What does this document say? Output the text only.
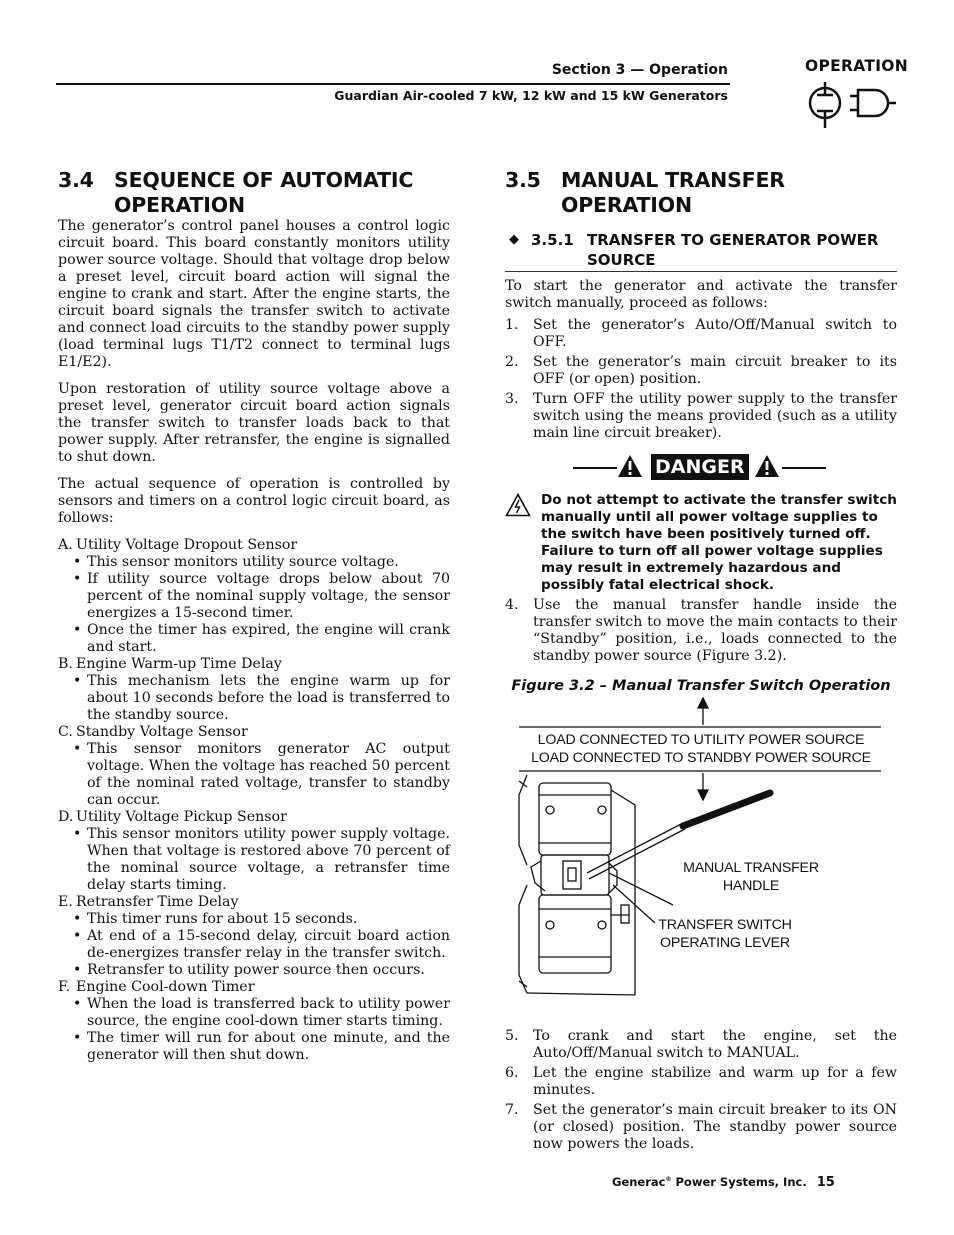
Section 3 — Operation
Guardian Air-cooled 7 kW, 12 kW and 15 kW Generators
OPERATION
3.4 SEQUENCE OF AUTOMATIC OPERATION

The generator’s control panel houses a control logic circuit board. This board constantly monitors utility power source voltage. Should that voltage drop below a preset level, circuit board action will signal the engine to crank and start. After the engine starts, the circuit board signals the transfer switch to activate and connect load circuits to the standby power supply (load terminal lugs T1/T2 connect to terminal lugs E1/E2).

Upon restoration of utility source voltage above a preset level, generator circuit board action signals the transfer switch to transfer loads back to that power supply. After retransfer, the engine is signalled to shut down.

The actual sequence of operation is controlled by sensors and timers on a control logic circuit board, as follows:

A. Utility Voltage Dropout Sensor
• This sensor monitors utility source voltage.
• If utility source voltage drops below about 70 percent of the nominal supply voltage, the sensor energizes a 15-second timer.
• Once the timer has expired, the engine will crank and start.
B. Engine Warm-up Time Delay
• This mechanism lets the engine warm up for about 10 seconds before the load is transferred to the standby source.
C. Standby Voltage Sensor
• This sensor monitors generator AC output voltage. When the voltage has reached 50 percent of the nominal rated voltage, transfer to standby can occur.
D. Utility Voltage Pickup Sensor
• This sensor monitors utility power supply voltage. When that voltage is restored above 70 percent of the nominal source voltage, a retransfer time delay starts timing.
E. Retransfer Time Delay
• This timer runs for about 15 seconds.
• At end of a 15-second delay, circuit board action de-energizes transfer relay in the transfer switch.
• Retransfer to utility power source then occurs.
F. Engine Cool-down Timer
• When the load is transferred back to utility power source, the engine cool-down timer starts timing.
• The timer will run for about one minute, and the generator will then shut down.
3.5 MANUAL TRANSFER OPERATION
◆ 3.5.1 TRANSFER TO GENERATOR POWER SOURCE

To start the generator and activate the transfer switch manually, proceed as follows:

1.	Set the generator’s Auto/Off/Manual switch to OFF.
2.	Set the generator’s main circuit breaker to its OFF (or open) position.
3.	Turn OFF the utility power supply to the transfer switch using the means provided (such as a utility main line circuit breaker).
DANGER
Do not attempt to activate the transfer switch manually until all power voltage supplies to the switch have been positively turned off. Failure to turn off all power voltage supplies may result in extremely hazardous and possibly fatal electrical shock.
4.	Use the manual transfer handle inside the transfer switch to move the main contacts to their “Standby” position, i.e., loads connected to the standby power source (Figure 3.2).
Figure 3.2 – Manual Transfer Switch Operation
LOAD CONNECTED TO UTILITY POWER SOURCE
LOAD CONNECTED TO STANDBY POWER SOURCE
MANUAL TRANSFER
HANDLE
TRANSFER SWITCH
OPERATING LEVER
5.	To crank and start the engine, set the Auto/Off/Manual switch to MANUAL.
6.	Let the engine stabilize and warm up for a few minutes.
7.	Set the generator’s main circuit breaker to its ON (or closed) position. The standby power source now powers the loads.
Generac® Power Systems, Inc. 15
